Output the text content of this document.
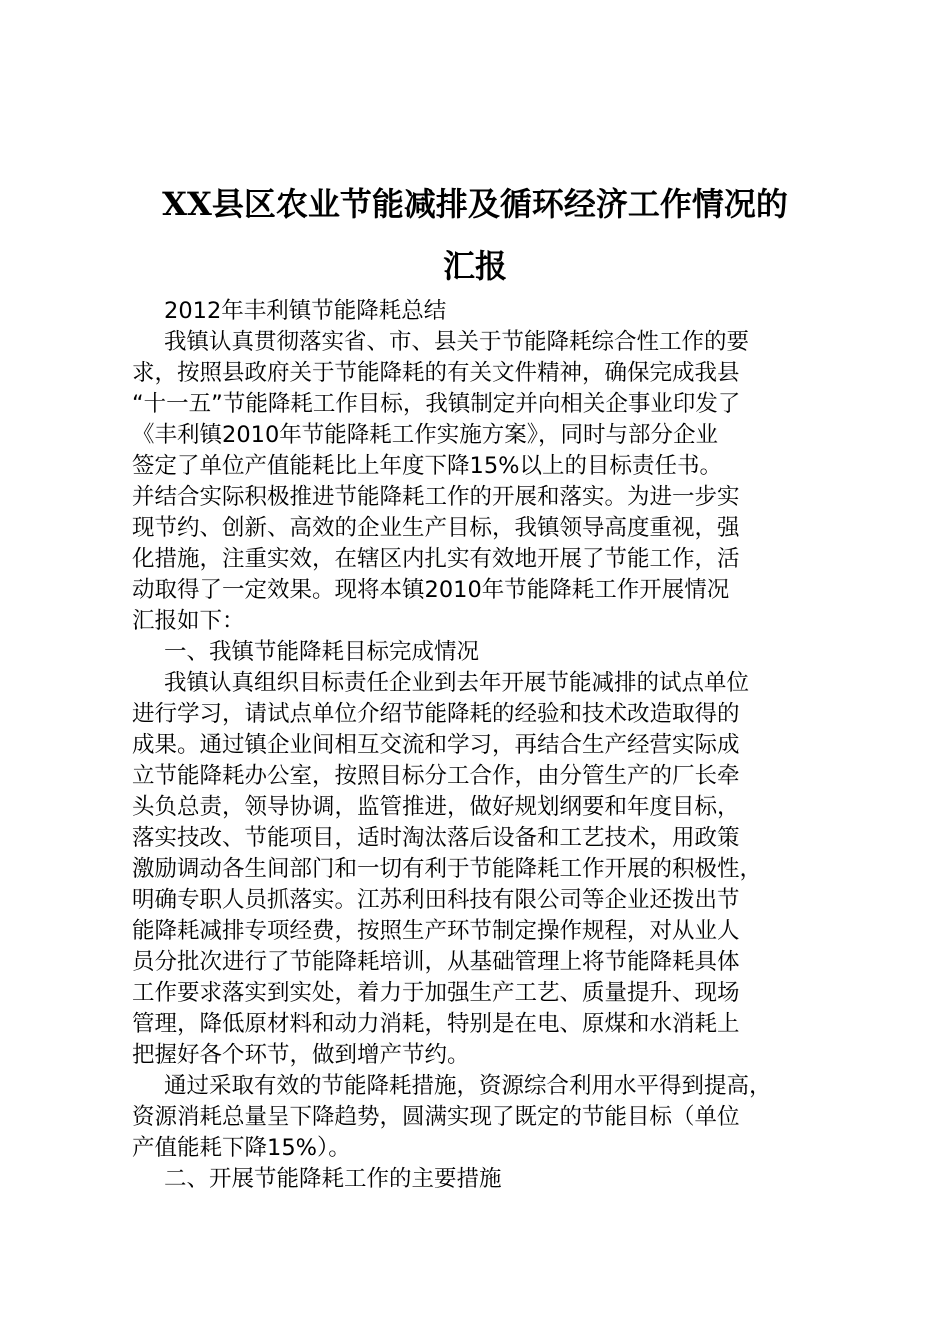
XX县区农业节能减排及循环经济工作情况的
汇报
2012年丰利镇节能降耗总结
我镇认真贯彻落实省、市、县关于节能降耗综合性工作的要
求，按照县政府关于节能降耗的有关文件精神，确保完成我县
“十一五”节能降耗工作目标，我镇制定并向相关企事业印发了
《丰利镇2010年节能降耗工作实施方案》，同时与部分企业
签定了单位产值能耗比上年度下降15%以上的目标责任书。
并结合实际积极推进节能降耗工作的开展和落实。为进一步实
现节约、创新、高效的企业生产目标，我镇领导高度重视，强
化措施，注重实效，在辖区内扎实有效地开展了节能工作，活
动取得了一定效果。现将本镇2010年节能降耗工作开展情况
汇报如下：
一、我镇节能降耗目标完成情况
我镇认真组织目标责任企业到去年开展节能减排的试点单位
进行学习，请试点单位介绍节能降耗的经验和技术改造取得的
成果。通过镇企业间相互交流和学习，再结合生产经营实际成
立节能降耗办公室，按照目标分工合作，由分管生产的厂长牵
头负总责，领导协调，监管推进，做好规划纲要和年度目标，
落实技改、节能项目，适时淘汰落后设备和工艺技术，用政策
激励调动各生间部门和一切有利于节能降耗工作开展的积极性，
明确专职人员抓落实。江苏利田科技有限公司等企业还拨出节
能降耗减排专项经费，按照生产环节制定操作规程，对从业人
员分批次进行了节能降耗培训，从基础管理上将节能降耗具体
工作要求落实到实处，着力于加强生产工艺、质量提升、现场
管理，降低原材料和动力消耗，特别是在电、原煤和水消耗上
把握好各个环节，做到增产节约。
通过采取有效的节能降耗措施，资源综合利用水平得到提高，
资源消耗总量呈下降趋势，圆满实现了既定的节能目标（单位
产值能耗下降15%）。
二、开展节能降耗工作的主要措施
